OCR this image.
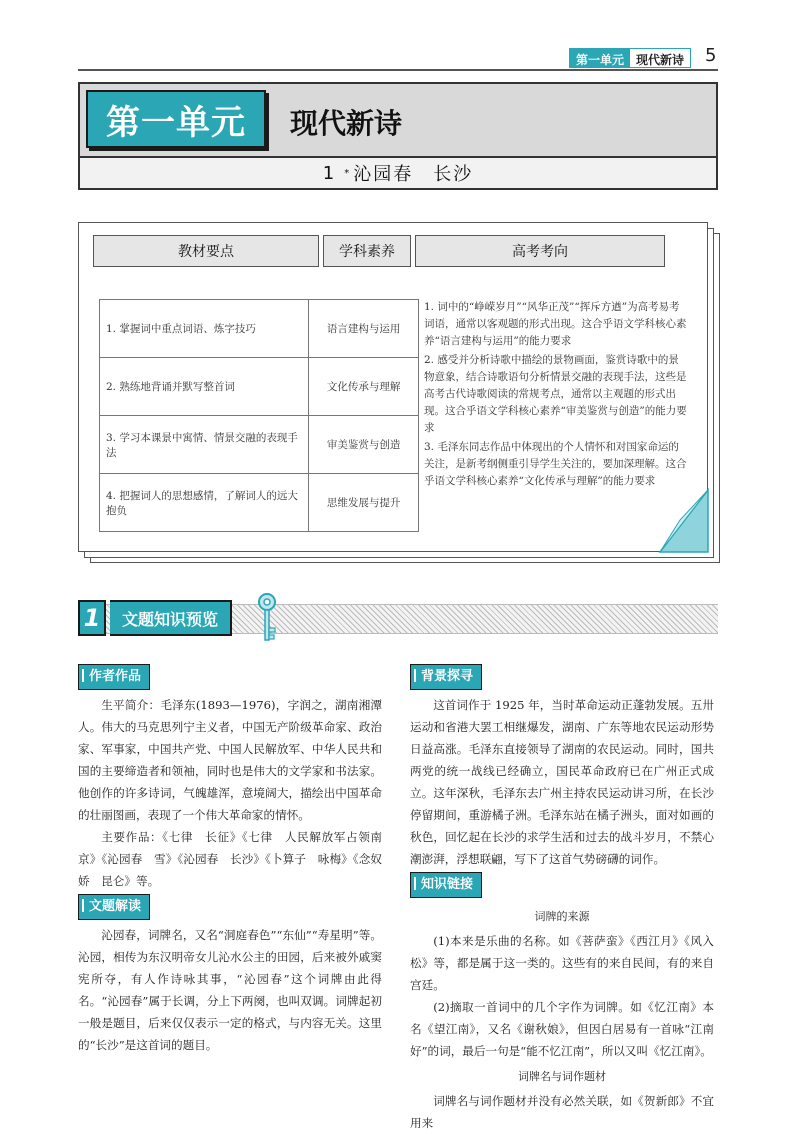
第一单元	现代新诗	5
第一单元	现代新诗
1 * 沁园春　长沙
教材要点	学科素养	高考考向
1. 掌握词中重点词语、炼字技巧	语言建构与运用
2. 熟练地背诵并默写整首词	文化传承与理解
3. 学习本课景中寓情、情景交融的表现手法	审美鉴赏与创造
4. 把握词人的思想感情，了解词人的远大抱负	思维发展与提升
1. 词中的“峥嵘岁月”“风华正茂”“挥斥方遒”为高考易考词语，通常以客观题的形式出现。这合乎语文学科核心素养“语言建构与运用”的能力要求
2. 感受并分析诗歌中描绘的景物画面，鉴赏诗歌中的景物意象，结合诗歌语句分析情景交融的表现手法，这些是高考古代诗歌阅读的常规考点，通常以主观题的形式出现。这合乎语文学科核心素养“审美鉴赏与创造”的能力要求
3. 毛泽东同志作品中体现出的个人情怀和对国家命运的关注，是新考纲侧重引导学生关注的，要加深理解。这合乎语文学科核心素养“文化传承与理解”的能力要求
1	文题知识预览
作者作品

生平简介：毛泽东(1893—1976)，字润之，湖南湘潭人。伟大的马克思列宁主义者，中国无产阶级革命家、政治家、军事家，中国共产党、中国人民解放军、中华人民共和国的主要缔造者和领袖，同时也是伟大的文学家和书法家。他创作的许多诗词，气魄雄浑，意境阔大，描绘出中国革命的壮丽图画，表现了一个伟大革命家的情怀。

主要作品：《七律　长征》《七律　人民解放军占领南京》《沁园春　雪》《沁园春　长沙》《卜算子　咏梅》《念奴娇　昆仑》等。

文题解读

沁园春，词牌名，又名“洞庭春色”“东仙”“寿星明”等。沁园，相传为东汉明帝女儿沁水公主的田园，后来被外戚窦宪所夺，有人作诗咏其事，“沁园春”这个词牌由此得名。“沁园春”属于长调，分上下两阕，也叫双调。词牌起初一般是题目，后来仅仅表示一定的格式，与内容无关。这里的“长沙”是这首词的题目。

背景探寻

这首词作于 1925 年，当时革命运动正蓬勃发展。五卅运动和省港大罢工相继爆发，湖南、广东等地农民运动形势日益高涨。毛泽东直接领导了湖南的农民运动。同时，国共两党的统一战线已经确立，国民革命政府已在广州正式成立。这年深秋，毛泽东去广州主持农民运动讲习所，在长沙停留期间，重游橘子洲。毛泽东站在橘子洲头，面对如画的秋色，回忆起在长沙的求学生活和过去的战斗岁月，不禁心潮澎湃，浮想联翩，写下了这首气势磅礴的词作。

知识链接
词牌的来源

(1)本来是乐曲的名称。如《菩萨蛮》《西江月》《风入松》等，都是属于这一类的。这些有的来自民间，有的来自宫廷。

(2)摘取一首词中的几个字作为词牌。如《忆江南》本名《望江南》，又名《谢秋娘》，但因白居易有一首咏“江南好”的词，最后一句是“能不忆江南”，所以又叫《忆江南》。

词牌名与词作题材

词牌名与词作题材并没有必然关联，如《贺新郎》不宜用来
